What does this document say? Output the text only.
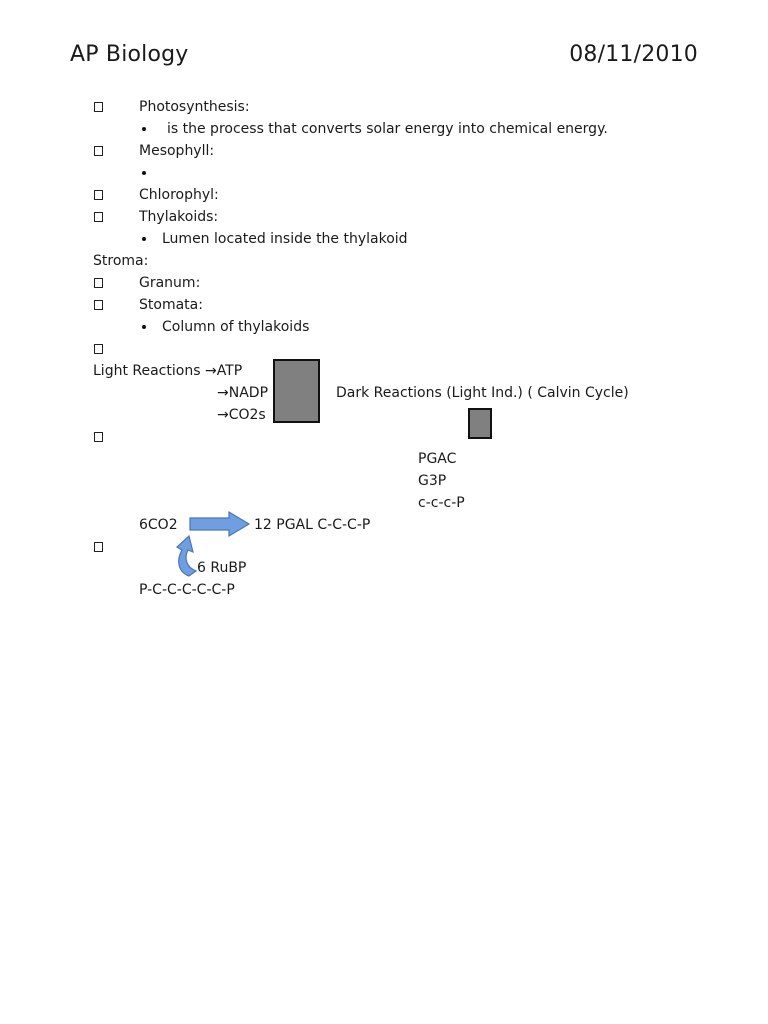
AP Biology	08/11/2010
Photosynthesis:
is the process that converts solar energy into chemical energy.
Mesophyll:
Chlorophyl:
Thylakoids:
Lumen located inside the thylakoid
Stroma:
Granum:
Stomata:
Column of thylakoids
Light Reactions →ATP
→NADP
→CO2s
Dark Reactions (Light Ind.) ( Calvin Cycle)
PGAC
G3P
c-c-c-P
6CO2	12 PGAL C-C-C-P
6 RuBP
P-C-C-C-C-C-P
